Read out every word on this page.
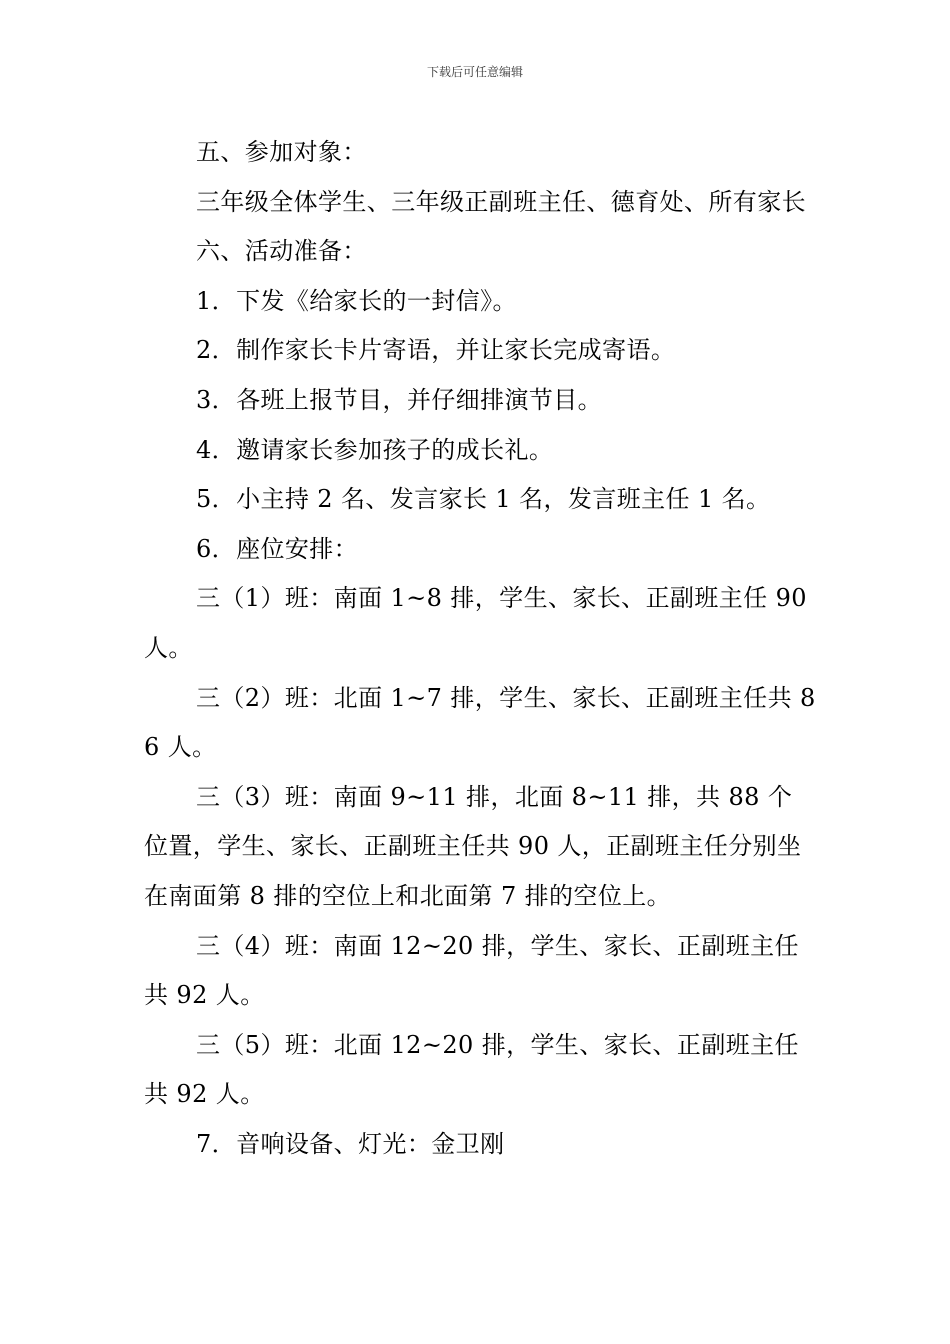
下载后可任意编辑

五、参加对象：

三年级全体学生、三年级正副班主任、德育处、所有家长

六、活动准备：

1．下发《给家长的一封信》。

2．制作家长卡片寄语，并让家长完成寄语。

3．各班上报节目，并仔细排演节目。

4．邀请家长参加孩子的成长礼。

5．小主持 2 名、发言家长 1 名，发言班主任 1 名。

6．座位安排：

三（1）班：南面 1~8 排，学生、家长、正副班主任 90 人。

三（2）班：北面 1~7 排，学生、家长、正副班主任共 86 人。

三（3）班：南面 9~11 排，北面 8~11 排，共 88 个位置，学生、家长、正副班主任共 90 人，正副班主任分别坐在南面第 8 排的空位上和北面第 7 排的空位上。

三（4）班：南面 12~20 排，学生、家长、正副班主任共 92 人。

三（5）班：北面 12~20 排，学生、家长、正副班主任共 92 人。

7．音响设备、灯光：金卫刚
